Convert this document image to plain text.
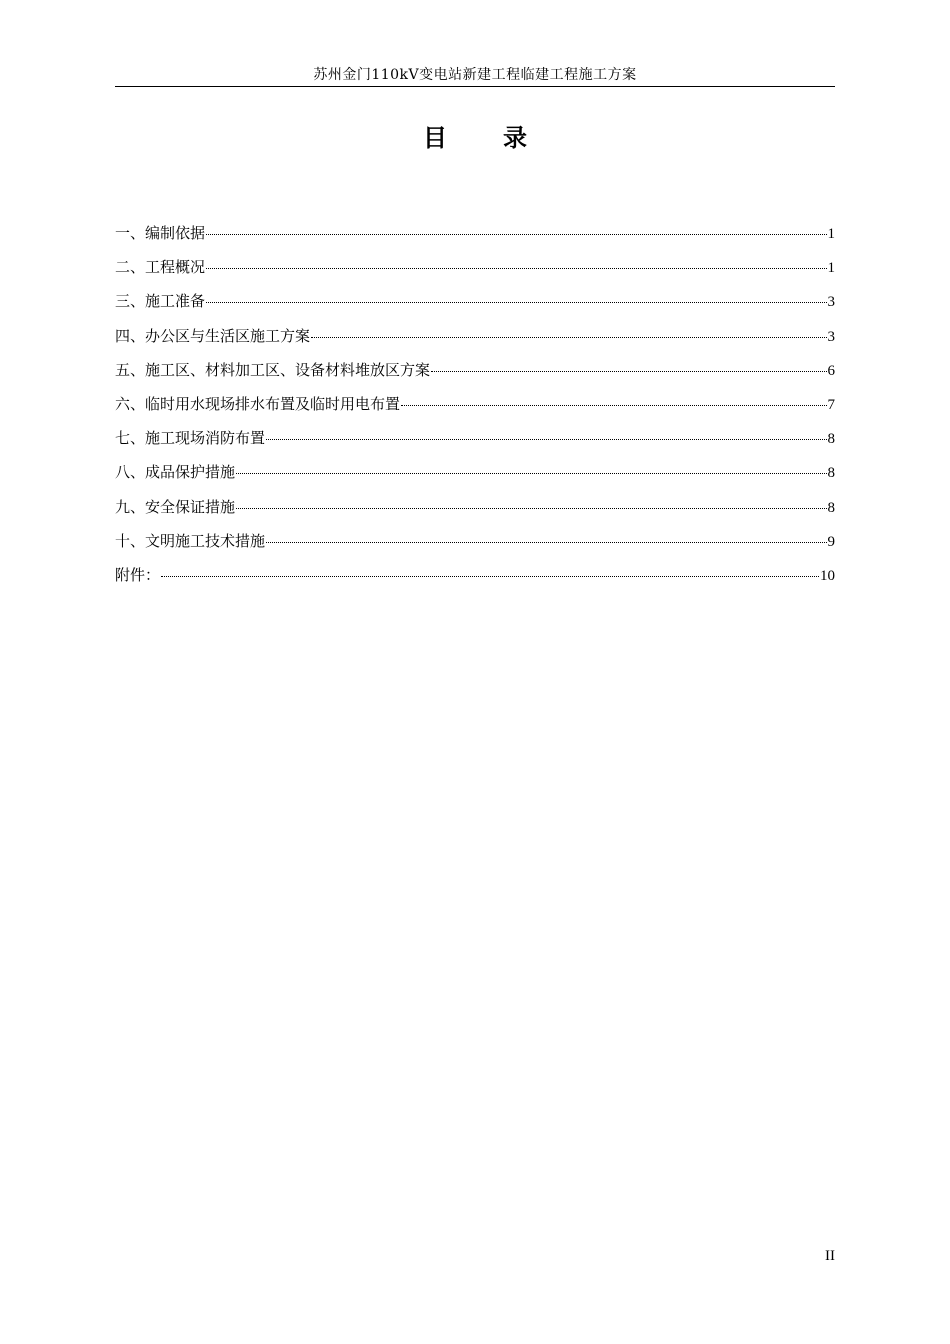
苏州金门110kV变电站新建工程临建工程施工方案
目录
一、编制依据	1
二、工程概况	1
三、施工准备	3
四、办公区与生活区施工方案	3
五、施工区、材料加工区、设备材料堆放区方案	6
六、临时用水现场排水布置及临时用电布置	7
七、施工现场消防布置	8
八、成品保护措施	8
九、安全保证措施	8
十、文明施工技术措施	9
附件：	10
II
